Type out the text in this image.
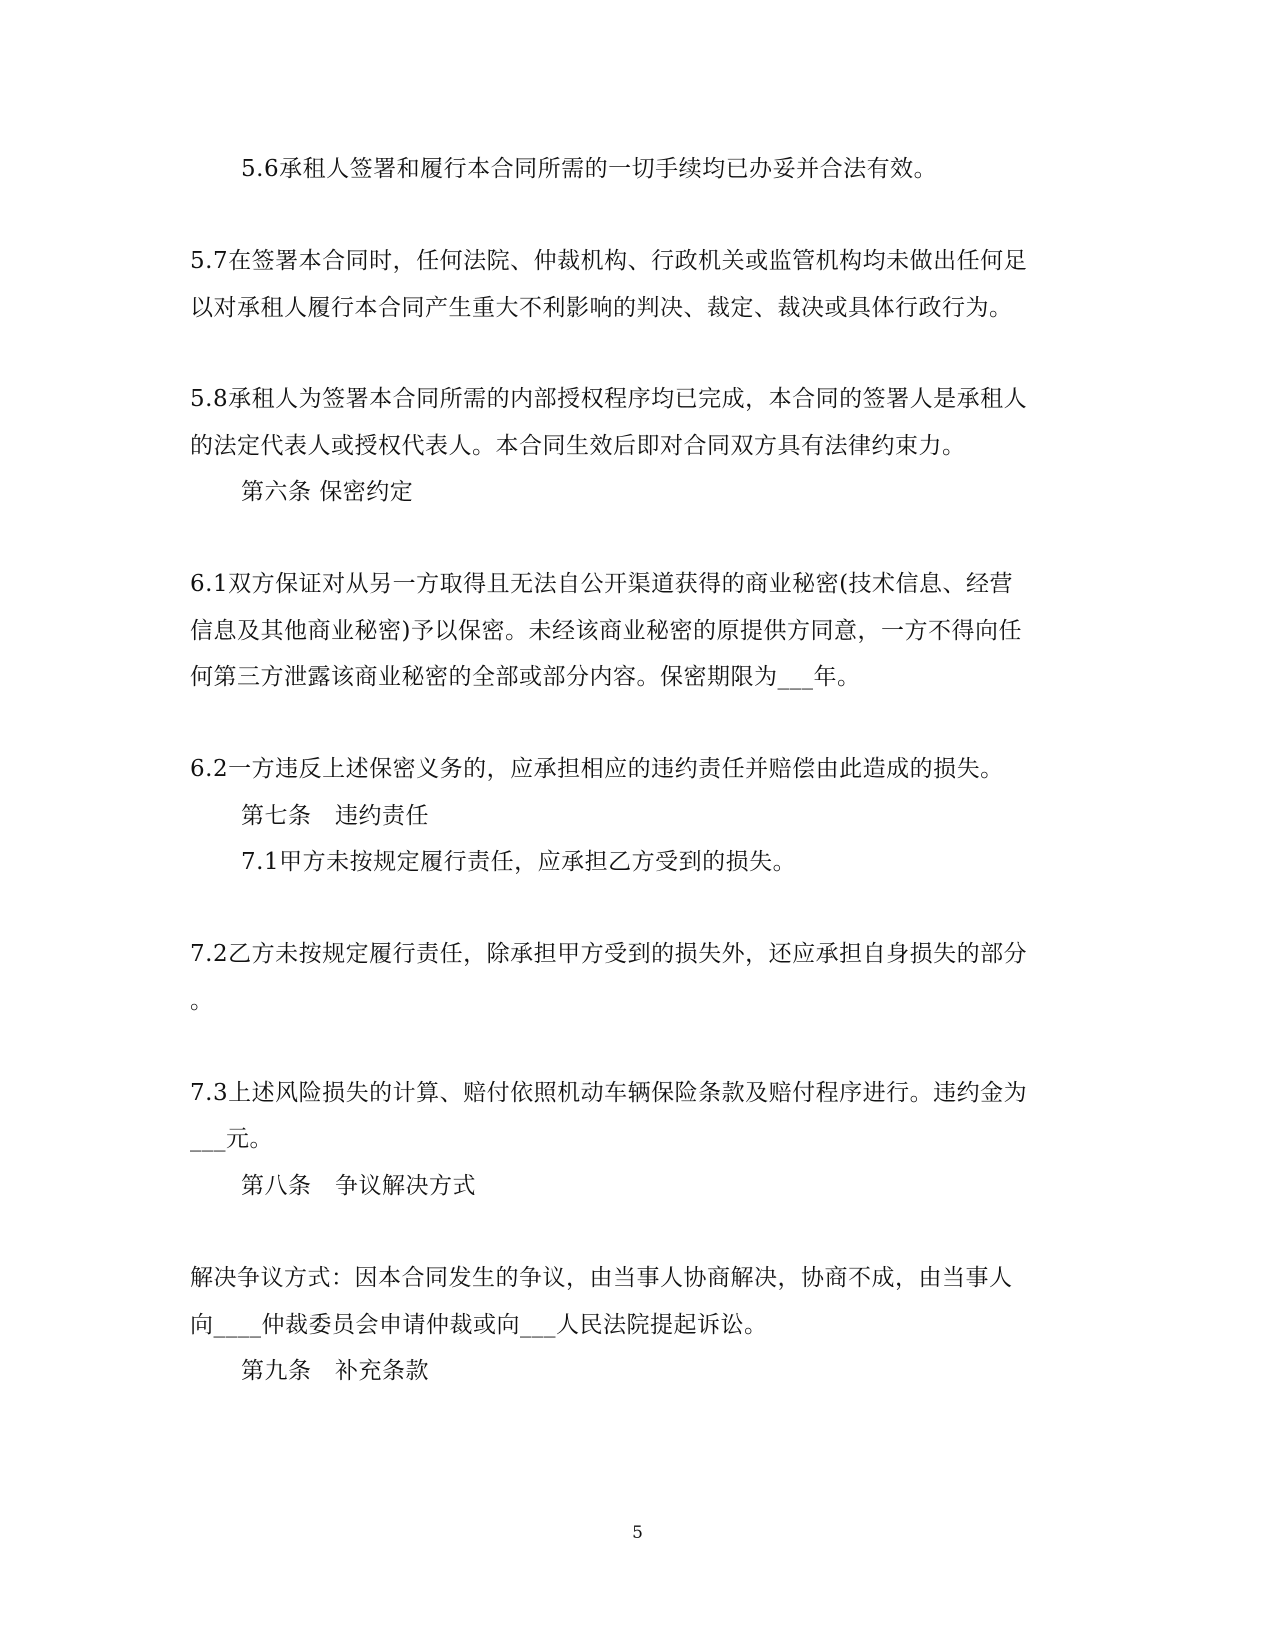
5.6承租人签署和履行本合同所需的一切手续均已办妥并合法有效。
5.7在签署本合同时，任何法院、仲裁机构、行政机关或监管机构均未做出任何足
以对承租人履行本合同产生重大不利影响的判决、裁定、裁决或具体行政行为。
5.8承租人为签署本合同所需的内部授权程序均已完成，本合同的签署人是承租人
的法定代表人或授权代表人。本合同生效后即对合同双方具有法律约束力。
第六条 保密约定
6.1双方保证对从另一方取得且无法自公开渠道获得的商业秘密(技术信息、经营
信息及其他商业秘密)予以保密。未经该商业秘密的原提供方同意，一方不得向任
何第三方泄露该商业秘密的全部或部分内容。保密期限为___年。
6.2一方违反上述保密义务的，应承担相应的违约责任并赔偿由此造成的损失。
第七条　违约责任
7.1甲方未按规定履行责任，应承担乙方受到的损失。
7.2乙方未按规定履行责任，除承担甲方受到的损失外，还应承担自身损失的部分
。
7.3上述风险损失的计算、赔付依照机动车辆保险条款及赔付程序进行。违约金为
___元。
第八条　争议解决方式
解决争议方式：因本合同发生的争议，由当事人协商解决，协商不成，由当事人
向____仲裁委员会申请仲裁或向___人民法院提起诉讼。
第九条　补充条款
5
